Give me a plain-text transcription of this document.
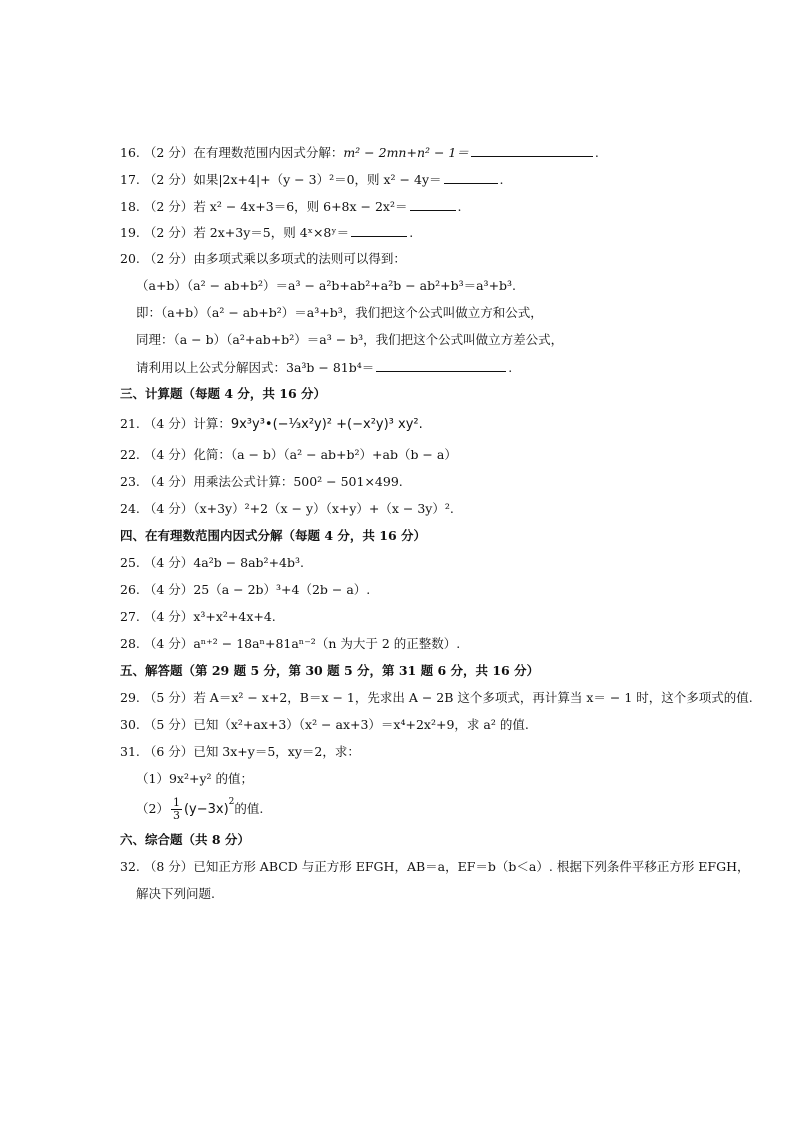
16. （2 分）在有理数范围内因式分解：m² − 2mn+n² − 1＝	.
17. （2 分）如果|2x+4|+（y − 3）²＝0，则 x² − 4y＝	.
18. （2 分）若 x² − 4x+3＝6，则 6+8x − 2x²＝	.
19. （2 分）若 2x+3y＝5，则 4ˣ×8ʸ＝	.
20. （2 分）由多项式乘以多项式的法则可以得到：
（a+b）（a² − ab+b²）＝a³ − a²b+ab²+a²b − ab²+b³＝a³+b³.
即：（a+b）（a² − ab+b²）＝a³+b³，我们把这个公式叫做立方和公式，
同理：（a − b）（a²+ab+b²）＝a³ − b³，我们把这个公式叫做立方差公式，
请利用以上公式分解因式：3a³b − 81b⁴＝	.
三、计算题（每题 4 分，共 16 分）
21. （4 分）计算：9x³y³•(−⅓x²y)² +(−x²y)³ xy².
22. （4 分）化简：（a − b）（a² − ab+b²）+ab（b − a）
23. （4 分）用乘法公式计算：500² − 501×499.
24. （4 分）（x+3y）²+2（x − y）（x+y）+（x − 3y）².
四、在有理数范围内因式分解（每题 4 分，共 16 分）
25. （4 分）4a²b − 8ab²+4b³.
26. （4 分）25（a − 2b）³+4（2b − a）.
27. （4 分）x³+x²+4x+4.
28. （4 分）aⁿ⁺² − 18aⁿ+81aⁿ⁻²（n 为大于 2 的正整数）.
五、解答题（第 29 题 5 分，第 30 题 5 分，第 31 题 6 分，共 16 分）
29. （5 分）若 A＝x² − x+2，B＝x − 1，先求出 A − 2B 这个多项式，再计算当 x＝ − 1 时，这个多项式的值.
30. （5 分）已知（x²+ax+3）（x² − ax+3）＝x⁴+2x²+9，求 a² 的值.
31. （6 分）已知 3x+y＝5，xy＝2，求：
（1）9x²+y² 的值；
$(2) \frac{1}{3} (y-3x)^2$的值.
六、综合题（共 8 分）
32. （8 分）已知正方形 ABCD 与正方形 EFGH，AB＝a，EF＝b（b＜a）. 根据下列条件平移正方形 EFGH，
解决下列问题.
